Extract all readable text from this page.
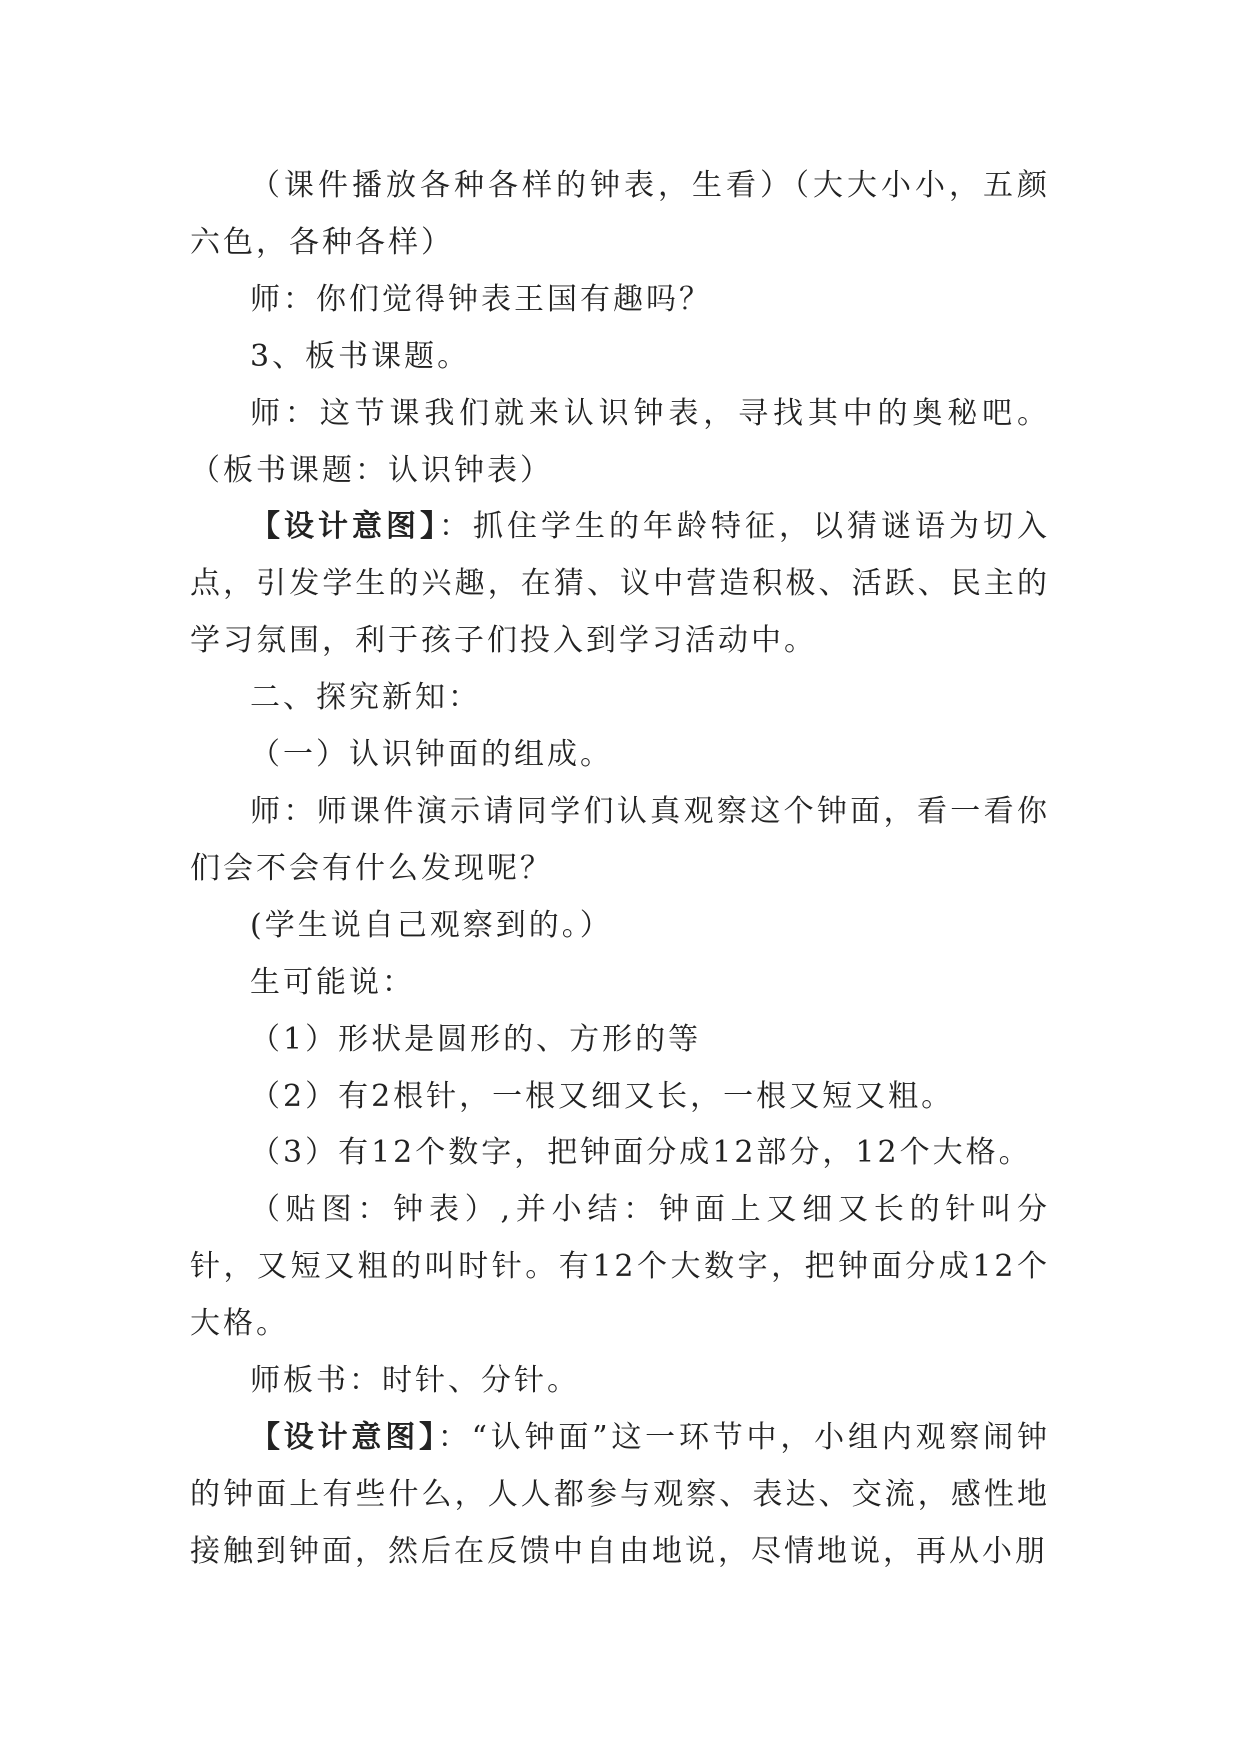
（课件播放各种各样的钟表，生看）（大大小小，五颜六色，各种各样）

师：你们觉得钟表王国有趣吗？

3、板书课题。

师：这节课我们就来认识钟表，寻找其中的奥秘吧。（板书课题：认识钟表）

【设计意图】：抓住学生的年龄特征，以猜谜语为切入点，引发学生的兴趣，在猜、议中营造积极、活跃、民主的学习氛围，利于孩子们投入到学习活动中。

二、探究新知：

（一）认识钟面的组成。

师：师课件演示请同学们认真观察这个钟面，看一看你们会不会有什么发现呢？

(学生说自己观察到的。）

生可能说：

（1）形状是圆形的、方形的等

（2）有2根针，一根又细又长，一根又短又粗。

（3）有12个数字，把钟面分成12部分，12个大格。

（贴图：钟表）,并小结：钟面上又细又长的针叫分针，又短又粗的叫时针。有12个大数字，把钟面分成12个大格。

师板书：时针、分针。

【设计意图】：“认钟面”这一环节中，小组内观察闹钟的钟面上有些什么，人人都参与观察、表达、交流，感性地接触到钟面，然后在反馈中自由地说，尽情地说，再从小朋
